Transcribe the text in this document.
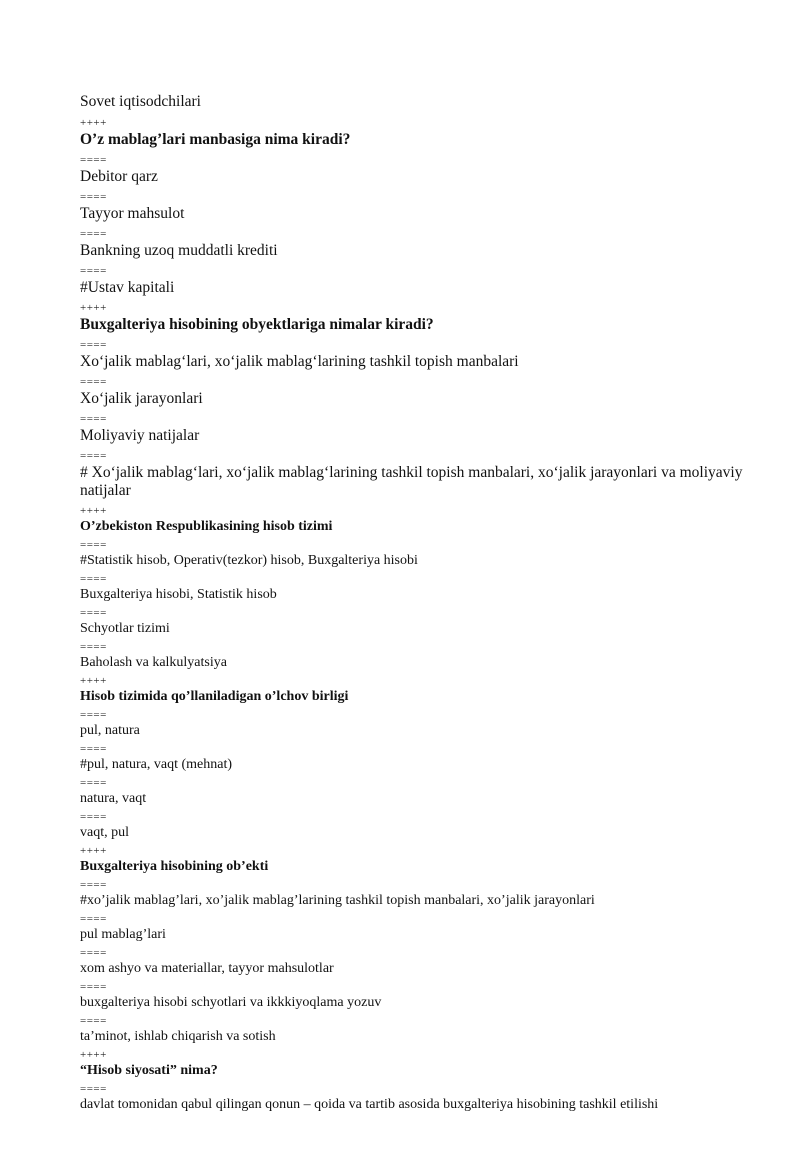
Sovet iqtisodchilari
++++
O’z mablag’lari manbasiga nima kiradi?
====
Debitor qarz
====
Tayyor mahsulot
====
Bankning uzoq muddatli krediti
====
#Ustav kapitali
++++
Buxgalteriya hisobining obyektlariga nimalar kiradi?
====
Xo‘jalik mablag‘lari, xo‘jalik mablag‘larining tashkil topish manbalari
====
Xo‘jalik jarayonlari
====
Moliyaviy natijalar
====
# Xo‘jalik mablag‘lari, xo‘jalik mablag‘larining tashkil topish manbalari, xo‘jalik jarayonlari va moliyaviy natijalar
++++
O’zbekiston Respublikasining hisob tizimi
====
#Statistik hisob, Operativ(tezkor) hisob, Buxgalteriya hisobi
====
Buxgalteriya hisobi, Statistik hisob
====
Schyotlar tizimi
====
Baholash va kalkulyatsiya
++++
Hisob tizimida qo’llaniladigan o’lchov birligi
====
pul, natura
====
#pul, natura, vaqt (mehnat)
====
natura, vaqt
====
vaqt, pul
++++
Buxgalteriya hisobining ob’ekti
====
#xo’jalik mablag’lari, xo’jalik mablag’larining tashkil topish manbalari, xo’jalik jarayonlari
====
pul mablag’lari
====
xom ashyo va materiallar, tayyor mahsulotlar
====
buxgalteriya hisobi schyotlari va ikkkiyoqlama yozuv
====
ta’minot, ishlab chiqarish va sotish
++++
“Hisob siyosati” nima?
====
davlat tomonidan qabul qilingan qonun – qoida va tartib asosida buxgalteriya hisobining tashkil etilishi
